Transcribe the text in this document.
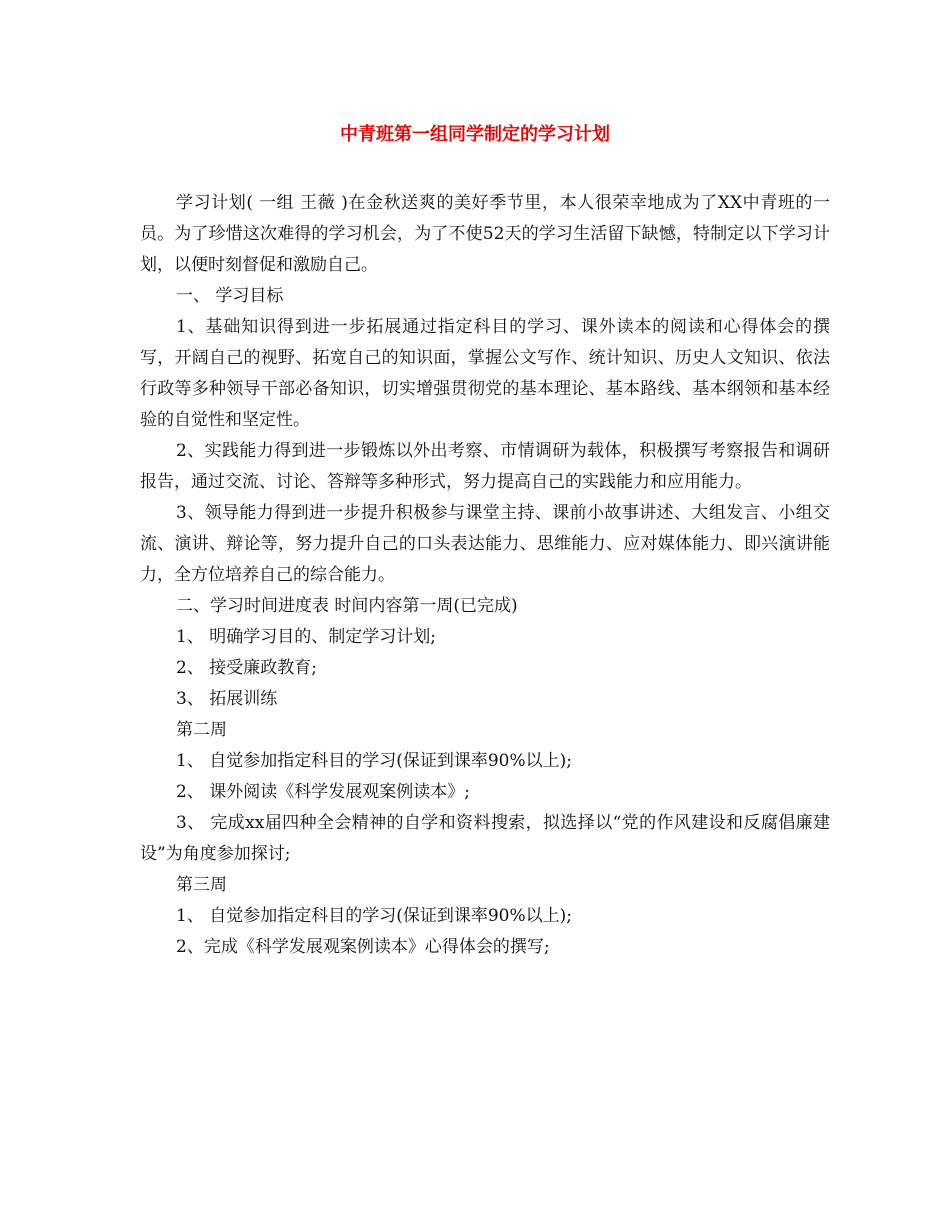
中青班第一组同学制定的学习计划

学习计划( 一组 王薇 )在金秋送爽的美好季节里，本人很荣幸地成为了XX中青班的一员。为了珍惜这次难得的学习机会，为了不使52天的学习生活留下缺憾，特制定以下学习计划，以便时刻督促和激励自己。

一、 学习目标

1、基础知识得到进一步拓展通过指定科目的学习、课外读本的阅读和心得体会的撰写，开阔自己的视野、拓宽自己的知识面，掌握公文写作、统计知识、历史人文知识、依法行政等多种领导干部必备知识，切实增强贯彻党的基本理论、基本路线、基本纲领和基本经验的自觉性和坚定性。

2、实践能力得到进一步锻炼以外出考察、市情调研为载体，积极撰写考察报告和调研报告，通过交流、讨论、答辩等多种形式，努力提高自己的实践能力和应用能力。

3、领导能力得到进一步提升积极参与课堂主持、课前小故事讲述、大组发言、小组交流、演讲、辩论等，努力提升自己的口头表达能力、思维能力、应对媒体能力、即兴演讲能力，全方位培养自己的综合能力。

二、学习时间进度表 时间内容第一周(已完成)

1、 明确学习目的、制定学习计划;

2、 接受廉政教育;

3、 拓展训练

第二周

1、 自觉参加指定科目的学习(保证到课率90%以上);

2、 课外阅读《科学发展观案例读本》;

3、 完成xx届四种全会精神的自学和资料搜索，拟选择以“党的作风建设和反腐倡廉建设”为角度参加探讨;

第三周

1、 自觉参加指定科目的学习(保证到课率90%以上);

2、完成《科学发展观案例读本》心得体会的撰写;
